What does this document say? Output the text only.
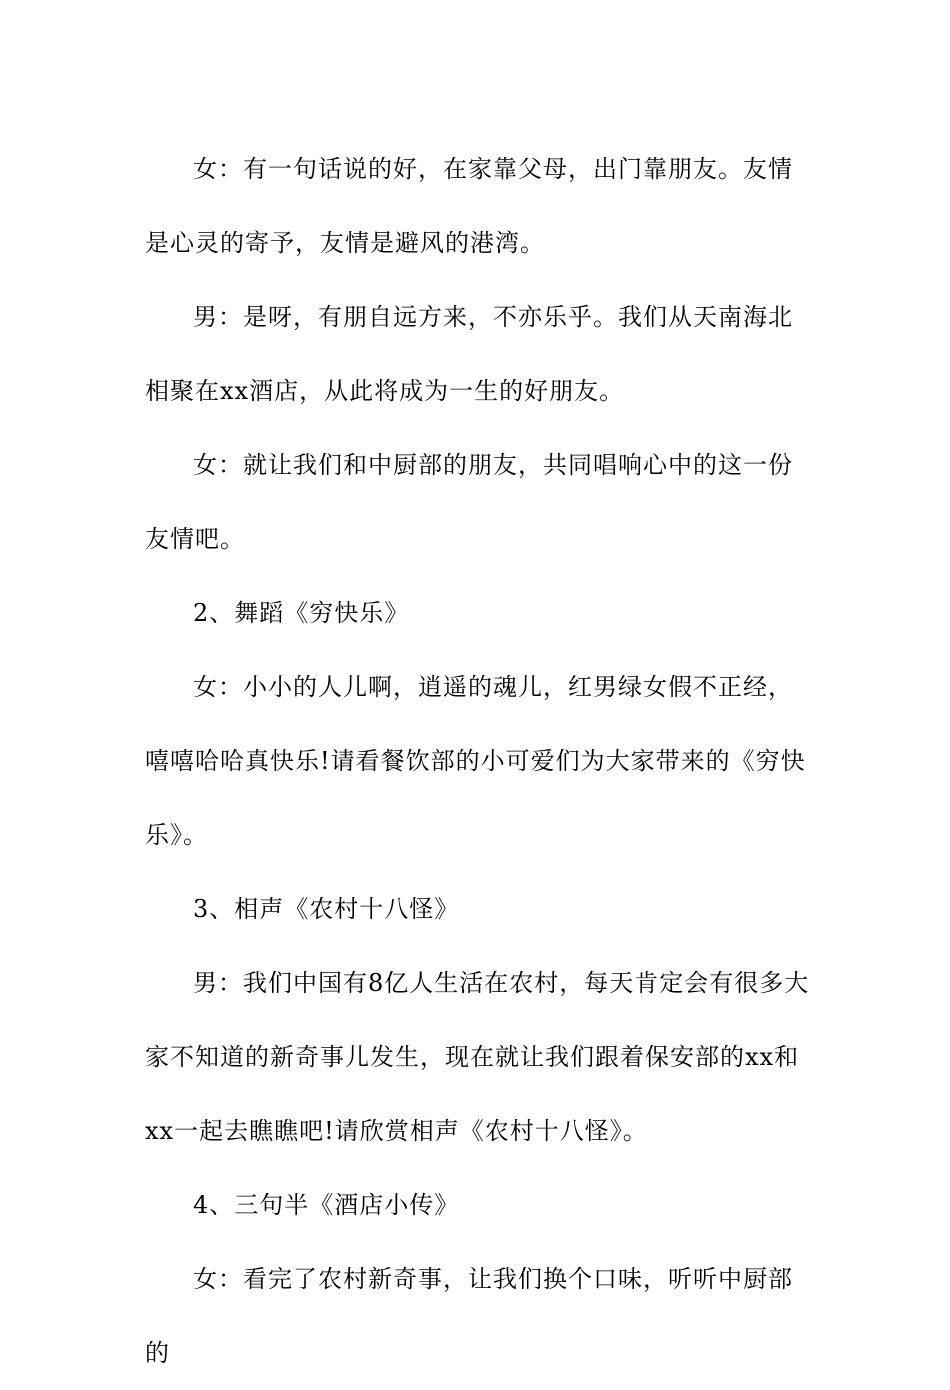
女：有一句话说的好，在家靠父母，出门靠朋友。友情是心灵的寄予，友情是避风的港湾。

男：是呀，有朋自远方来，不亦乐乎。我们从天南海北相聚在xx酒店，从此将成为一生的好朋友。

女：就让我们和中厨部的朋友，共同唱响心中的这一份友情吧。

2、舞蹈《穷快乐》

女：小小的人儿啊，逍遥的魂儿，红男绿女假不正经，嘻嘻哈哈真快乐!请看餐饮部的小可爱们为大家带来的《穷快乐》。

3、相声《农村十八怪》

男：我们中国有8亿人生活在农村，每天肯定会有很多大家不知道的新奇事儿发生，现在就让我们跟着保安部的xx和xx一起去瞧瞧吧!请欣赏相声《农村十八怪》。

4、三句半《酒店小传》

女：看完了农村新奇事，让我们换个口味，听听中厨部的
